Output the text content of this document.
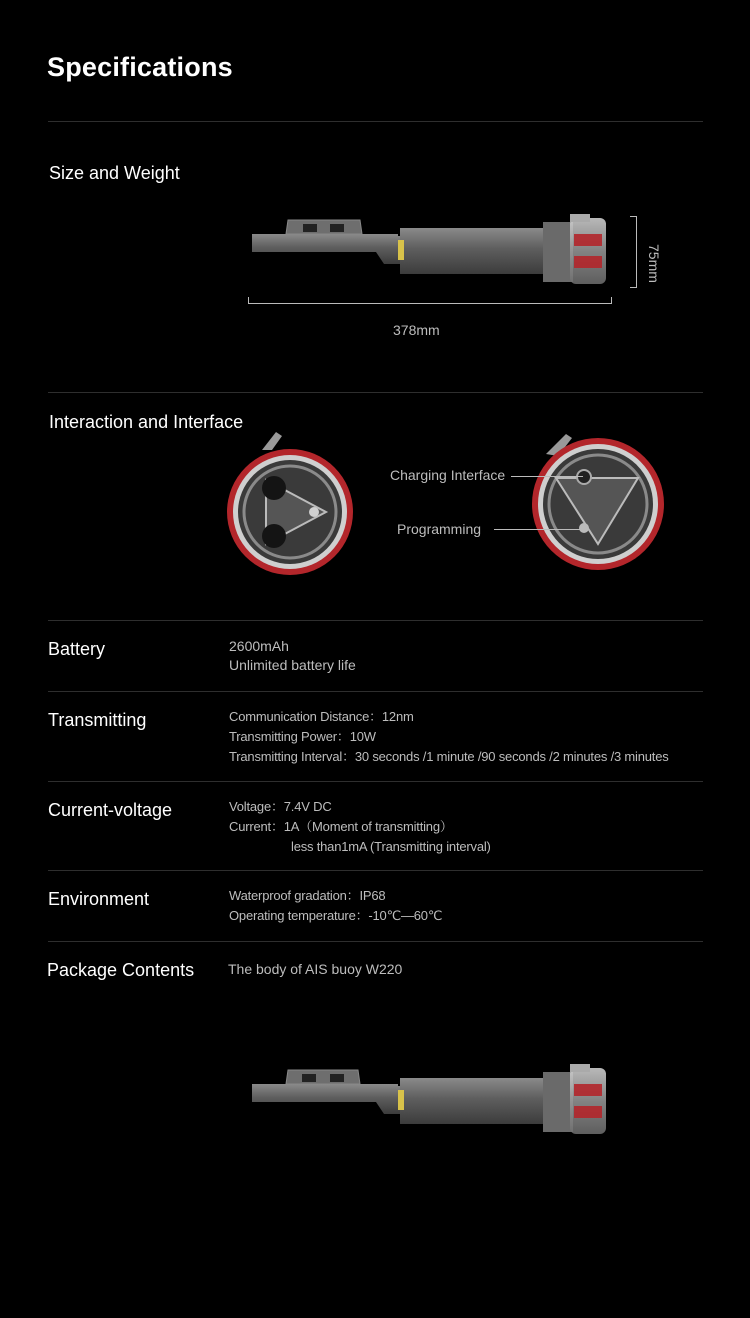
Specifications
Size and Weight
378mm
75mm
Interaction and Interface
Charging Interface
Programming
Battery	2600mAh
Unlimited battery life
Transmitting	Communication Distance：12nm
Transmitting Power：10W
Transmitting Interval：30 seconds /1 minute /90 seconds /2 minutes /3 minutes
Current-voltage	Voltage：7.4V DC
Current：1A（Moment of transmitting）
less than1mA (Transmitting interval)
Environment	Waterproof gradation：IP68
Operating temperature：-10℃—60℃
Package Contents The body of AIS buoy W220
